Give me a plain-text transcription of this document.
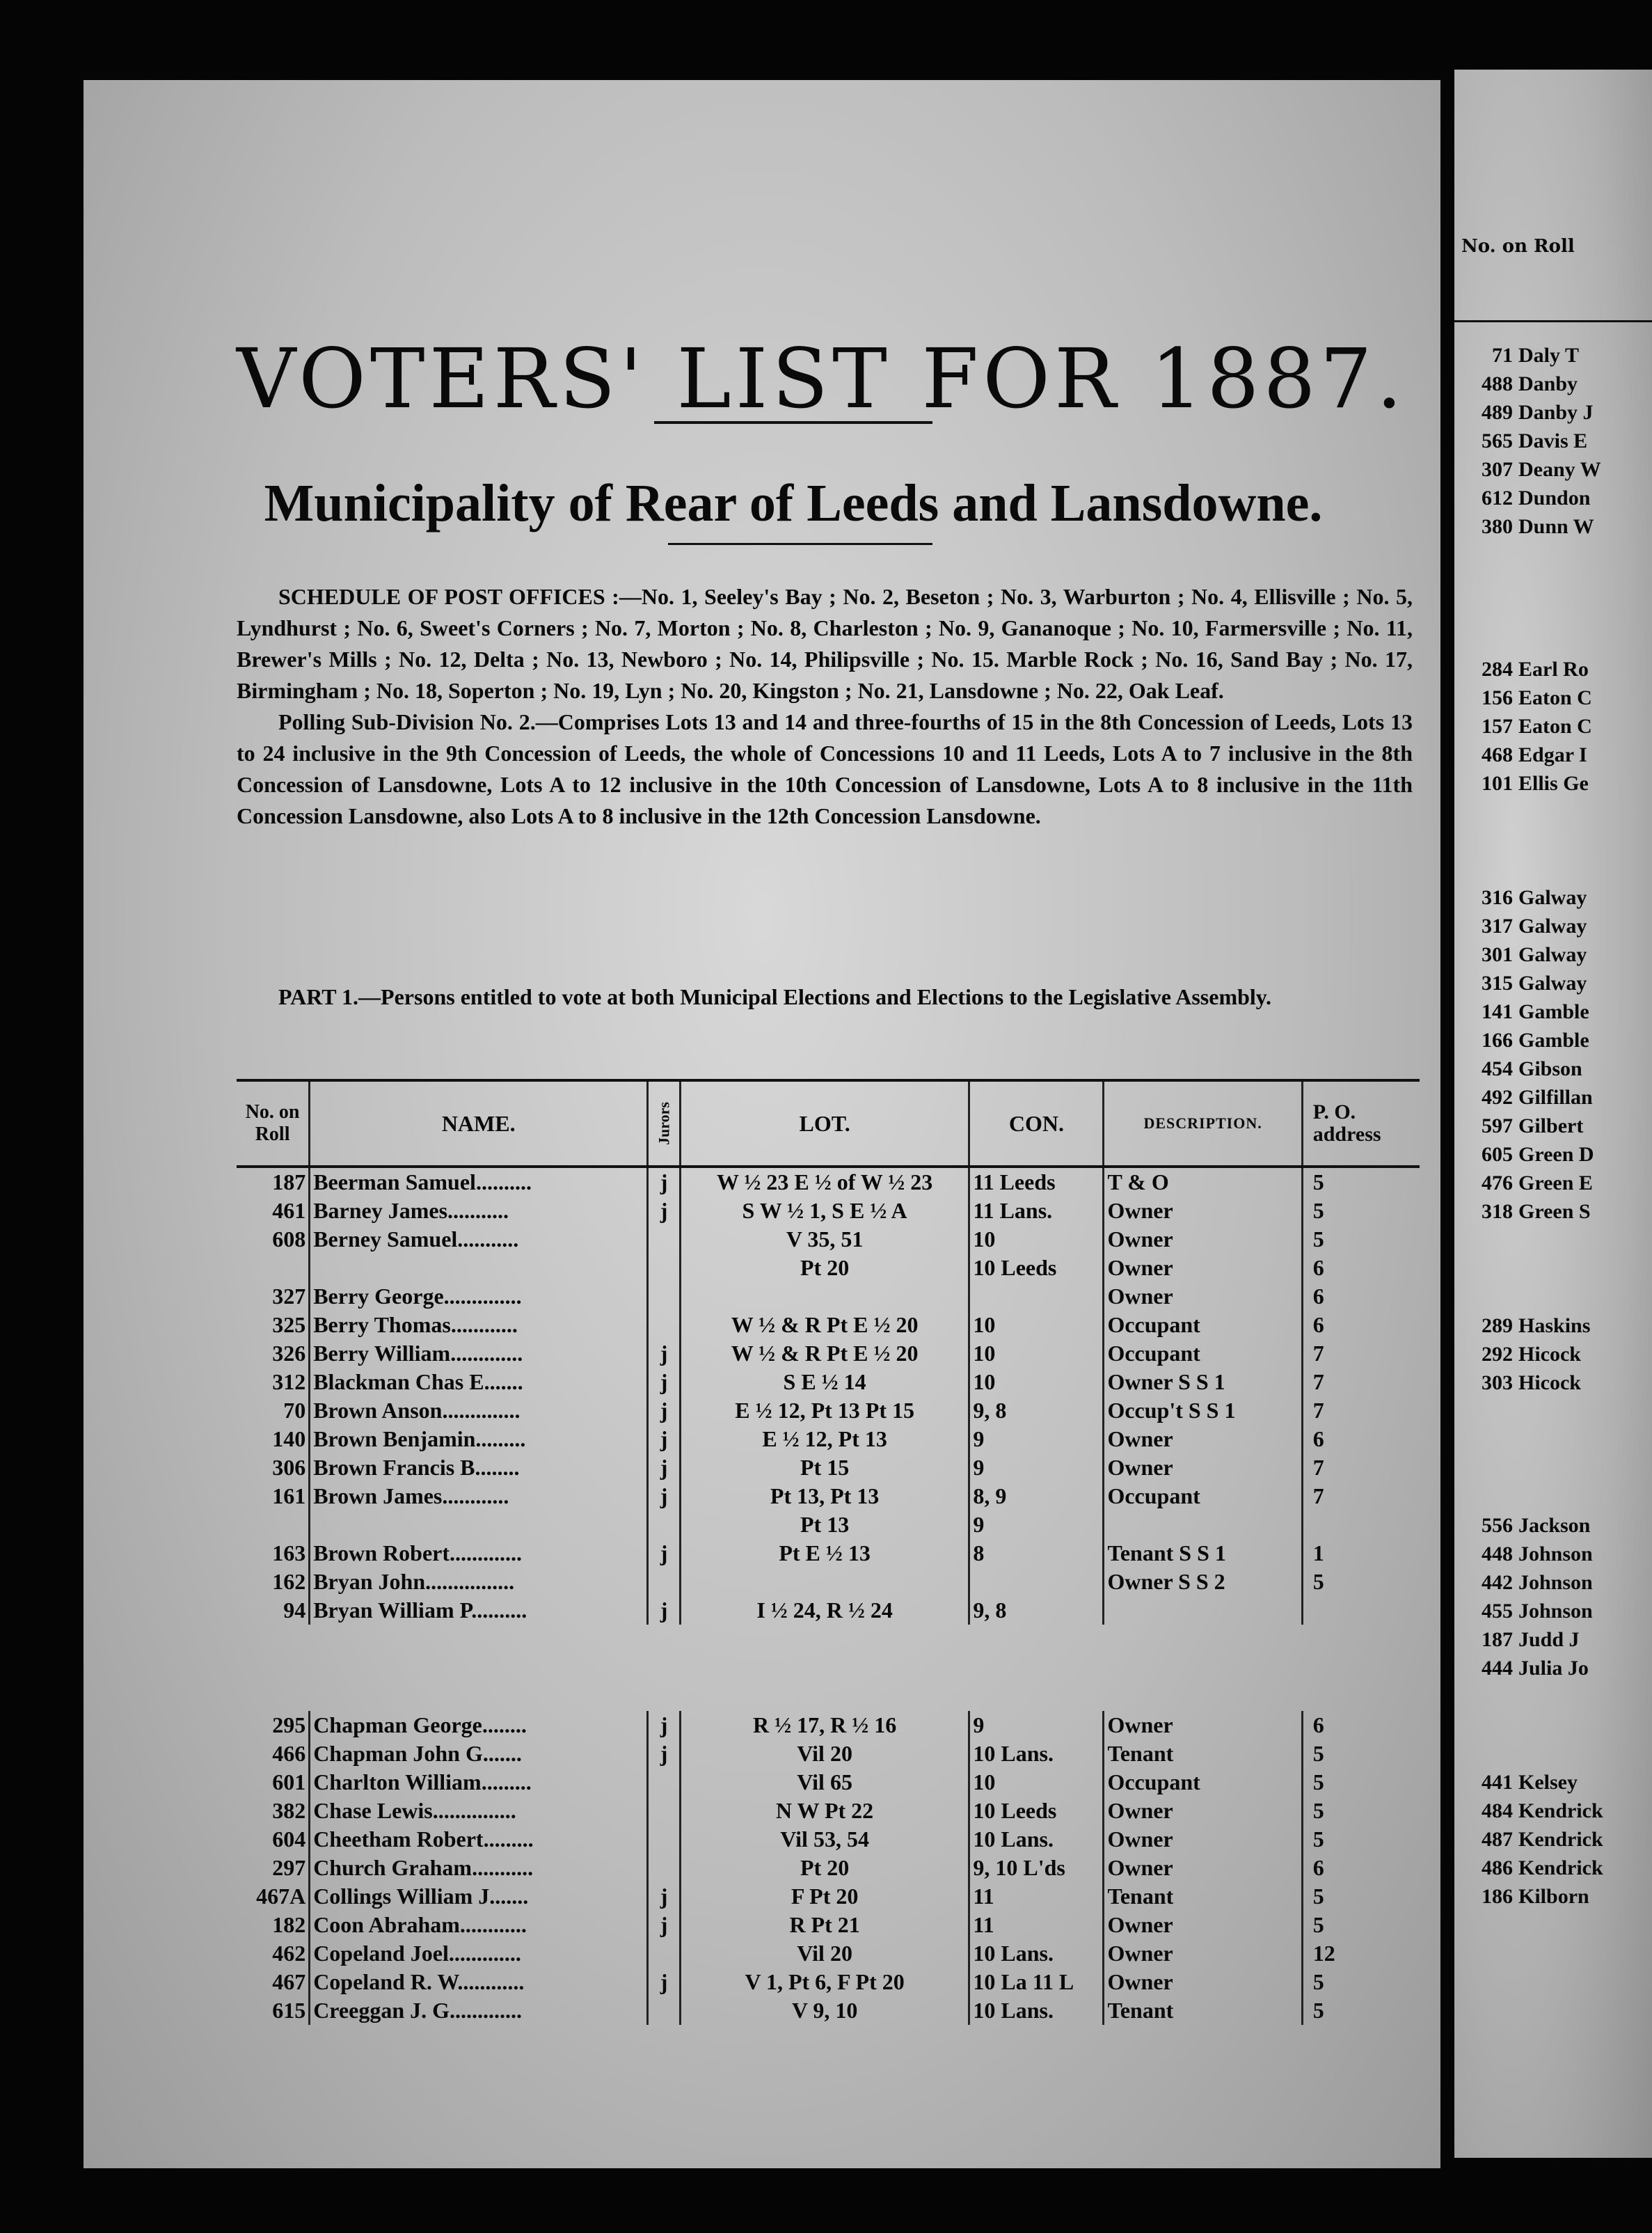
VOTERS' LIST FOR 1887.
Municipality of Rear of Leeds and Lansdowne.

SCHEDULE OF POST OFFICES :—No. 1, Seeley's Bay ; No. 2, Beseton ; No. 3, Warburton ; No. 4, Ellisville ; No. 5, Lyndhurst ; No. 6, Sweet's Corners ; No. 7, Morton ; No. 8, Charleston ; No. 9, Gananoque ; No. 10, Farmersville ; No. 11, Brewer's Mills ; No. 12, Delta ; No. 13, Newboro ; No. 14, Philipsville ; No. 15. Marble Rock ; No. 16, Sand Bay ; No. 17, Birmingham ; No. 18, Soperton ; No. 19, Lyn ; No. 20, Kingston ; No. 21, Lansdowne ; No. 22, Oak Leaf.

Polling Sub-Division No. 2.—Comprises Lots 13 and 14 and three-fourths of 15 in the 8th Concession of Leeds, Lots 13 to 24 inclusive in the 9th Concession of Leeds, the whole of Concessions 10 and 11 Leeds, Lots A to 7 inclusive in the 8th Concession of Lansdowne, Lots A to 12 inclusive in the 10th Concession of Lansdowne, Lots A to 8 inclusive in the 11th Concession Lansdowne, also Lots A to 8 inclusive in the 12th Concession Lansdowne.

PART 1.—Persons entitled to vote at both Municipal Elections and Elections to the Legislative Assembly.
No. on Roll	NAME.	Jurors	LOT.	CON.	DESCRIPTION.	P. O. address
187	Beerman Samuel..........	j	W ½ 23 E ½ of W ½ 23	11 Leeds	T & O	5
461	Barney James...........	j	S W ½ 1, S E ½ A	11 Lans.	Owner	5
608	Berney Samuel...........		V 35, 51	10	Owner	5
			Pt 20	10 Leeds	Owner	6
327	Berry George..............				Owner	6
325	Berry Thomas............		W ½ & R Pt E ½ 20	10	Occupant	6
326	Berry William.............	j	W ½ & R Pt E ½ 20	10	Occupant	7
312	Blackman Chas E.......	j	S E ½ 14	10	Owner S S 1	7
70	Brown Anson..............	j	E ½ 12, Pt 13 Pt 15	9, 8	Occup't S S 1	7
140	Brown Benjamin.........	j	E ½ 12, Pt 13	9	Owner	6
306	Brown Francis B........	j	Pt 15	9	Owner	7
161	Brown James............	j	Pt 13, Pt 13	8, 9	Occupant	7
			Pt 13	9		
163	Brown Robert.............	j	Pt E ½ 13	8	Tenant S S 1	1
162	Bryan John................				Owner S S 2	5
94	Bryan William P..........	j	I ½ 24, R ½ 24	9, 8		

295	Chapman George........	j	R ½ 17, R ½ 16	9	Owner	6
466	Chapman John G.......	j	Vil 20	10 Lans.	Tenant	5
601	Charlton William.........		Vil 65	10	Occupant	5
382	Chase Lewis...............		N W Pt 22	10 Leeds	Owner	5
604	Cheetham Robert.........		Vil 53, 54	10 Lans.	Owner	5
297	Church Graham...........		Pt 20	9, 10 L'ds	Owner	6
467A	Collings William J.......	j	F Pt 20	11	Tenant	5
182	Coon Abraham............	j	R Pt 21	11	Owner	5
462	Copeland Joel.............		Vil 20	10 Lans.	Owner	12
467	Copeland R. W............	j	V 1, Pt 6, F Pt 20	10 La 11 L	Owner	5
615	Creeggan J. G.............		V 9, 10	10 Lans.	Tenant	5
No. on Roll
71	Daly T
488	Danby
489	Danby J
565	Davis E
307	Deany W
612	Dundon
380	Dunn W

284	Earl Ro
156	Eaton C
157	Eaton C
468	Edgar I
101	Ellis Ge

316	Galway
317	Galway
301	Galway
315	Galway
141	Gamble
166	Gamble
454	Gibson
492	Gilfillan
597	Gilbert
605	Green D
476	Green E
318	Green S

289	Haskins
292	Hicock
303	Hicock

556	Jackson
448	Johnson
442	Johnson
455	Johnson
187	Judd J
444	Julia Jo

441	Kelsey
484	Kendrick
487	Kendrick
486	Kendrick
186	Kilborn
